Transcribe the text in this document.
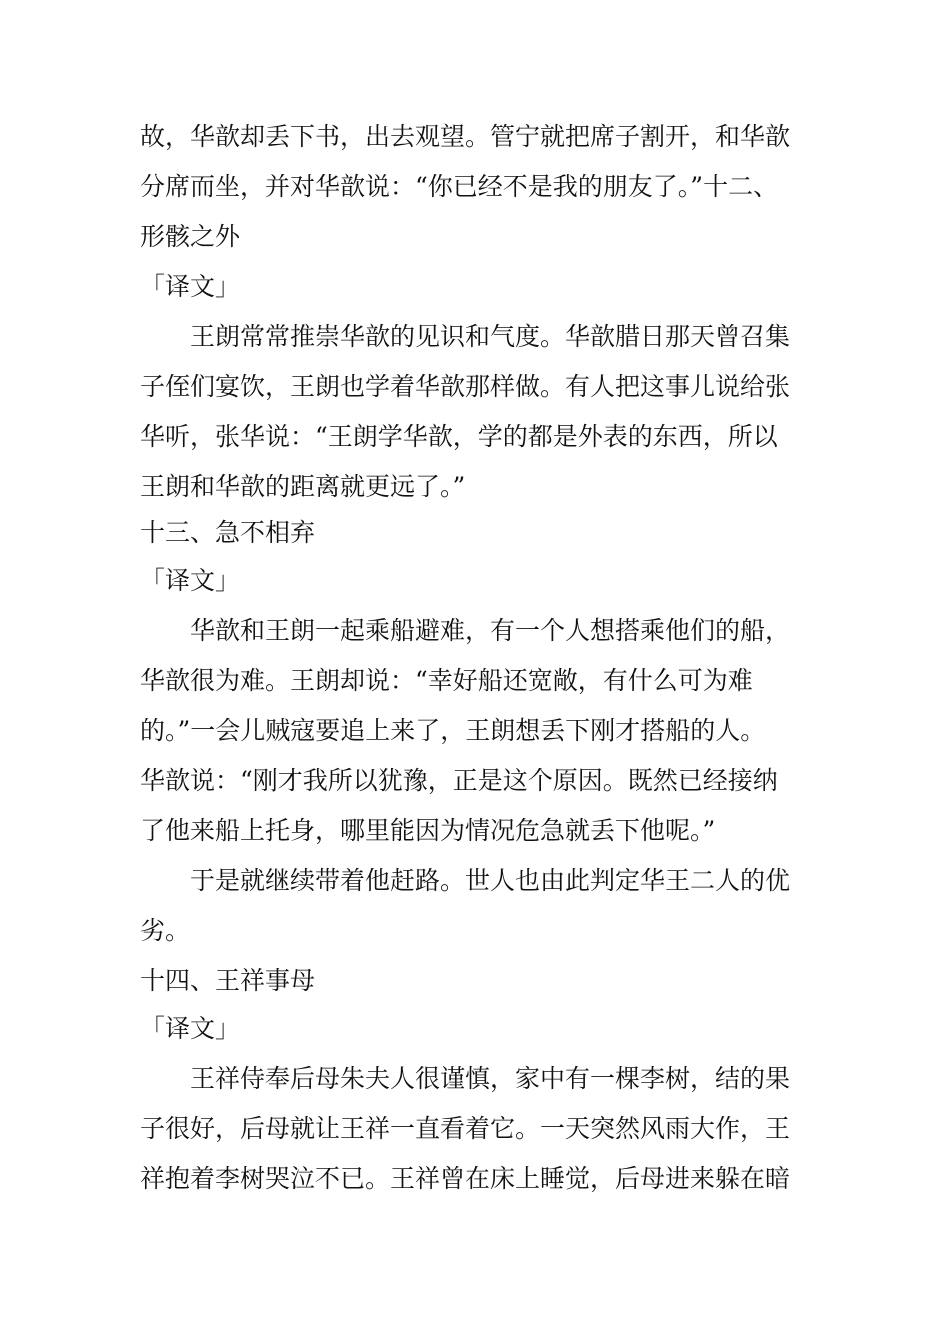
故，华歆却丢下书，出去观望。管宁就把席子割开，和华歆
分席而坐，并对华歆说：“你已经不是我的朋友了。”十二、
形骸之外
「译文」
王朗常常推崇华歆的见识和气度。华歆腊日那天曾召集
子侄们宴饮，王朗也学着华歆那样做。有人把这事儿说给张
华听，张华说：“王朗学华歆，学的都是外表的东西，所以
王朗和华歆的距离就更远了。”
十三、急不相弃
「译文」
华歆和王朗一起乘船避难，有一个人想搭乘他们的船，
华歆很为难。王朗却说：“幸好船还宽敞，有什么可为难
的。”一会儿贼寇要追上来了，王朗想丢下刚才搭船的人。
华歆说：“刚才我所以犹豫，正是这个原因。既然已经接纳
了他来船上托身，哪里能因为情况危急就丢下他呢。”
于是就继续带着他赶路。世人也由此判定华王二人的优
劣。
十四、王祥事母
「译文」
王祥侍奉后母朱夫人很谨慎，家中有一棵李树，结的果
子很好，后母就让王祥一直看着它。一天突然风雨大作，王
祥抱着李树哭泣不已。王祥曾在床上睡觉，后母进来躲在暗
